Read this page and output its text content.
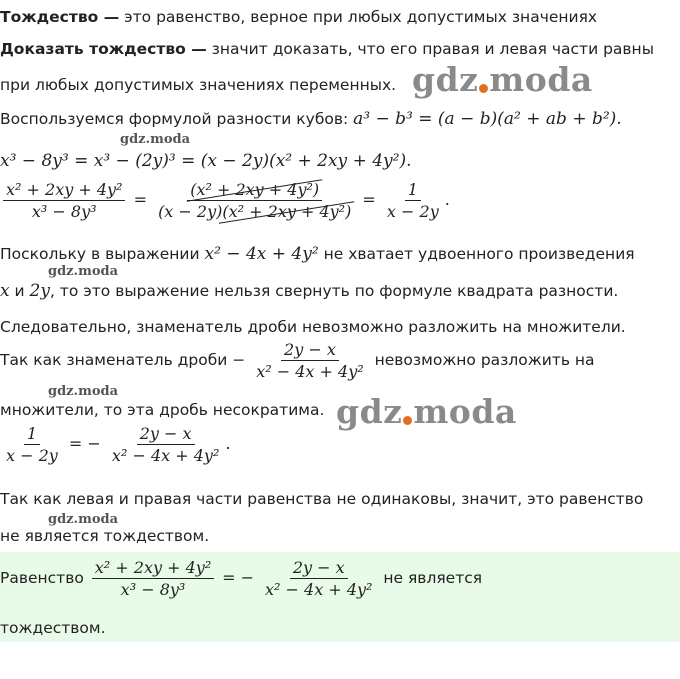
Тождество — это равенство, верное при любых допустимых значениях
Доказать тождество — значит доказать, что его правая и левая части равны
при любых допустимых значениях переменных. gdz moda
Воспользуемся формулой разности кубов: a³ − b³ = (a − b)(a² + ab + b²).
gdz.moda
x³ − 8y³ = x³ − (2y)³ = (x − 2y)(x² + 2xy + 4y²).
$\frac{\text{x² + 2xy + 4y²}}{\text{x³ − 8y³}} = \frac{\text{(x² + 2xy + 4y²)}}{\text{(x − 2y)(x² + 2xy + 4y²)}} = \frac{1}{x - 2y}$ .
Поскольку в выражении x² − 4x + 4y² не хватает удвоенного произведения
gdz.moda
x и 2y, то это выражение нельзя свернуть по формуле квадрата разности.
Следовательно, знаменатель дроби невозможно разложить на множители.
Так как знаменатель дроби − $\frac{2y - x}{\text{x² − 4x + 4y²}}$ невозможно разложить на
gdz.moda
множители, то эта дробь несократима. gdz moda
$\frac{1}{x - 2y}$ = − $\frac{2y - x}{\text{x² − 4x + 4y²}}$ .
Так как левая и правая части равенства не одинаковы, значит, это равенство
gdz.moda
не является тождеством.
Равенство $\frac{\text{x² + 2xy + 4y²}}{\text{x³ − 8y³}}$ = − $\frac{2y - x}{\text{x² − 4x + 4y²}}$ не является
тождеством.
